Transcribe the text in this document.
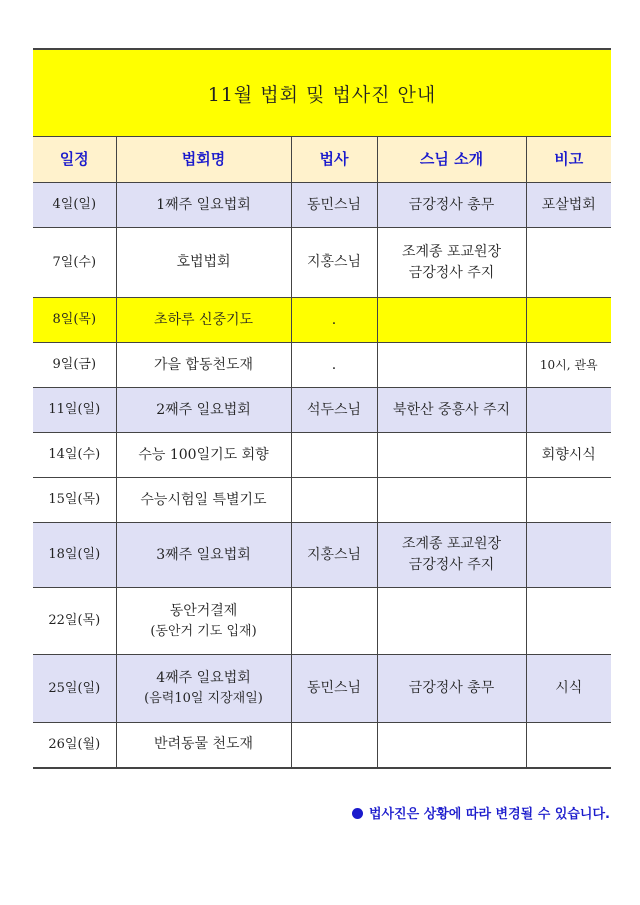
11월 법회 및 법사진 안내
일정	법회명	법사	스님 소개	비고

4일(일)	1째주 일요법회	동민스님	금강정사 총무	포살법회

7일(수)	호법법회	지홍스님	조계종 포교원장
금강정사 주지	

8일(목)	초하루 신중기도	.		

9일(금)	가을 합동천도재	.		10시, 관욕

11일(일)	2째주 일요법회	석두스님	북한산 중흥사 주지	

14일(수)	수능 100일기도 회향			회향시식

15일(목)	수능시험일 특별기도			

18일(일)	3째주 일요법회	지홍스님	조계종 포교원장
금강정사 주지	

22일(목)	동안거결제
(동안거 기도 입재)			

25일(일)	4째주 일요법회
(음력10일 지장재일)	동민스님	금강정사 총무	시식

26일(월)	반려동물 천도재			

법사진은 상황에 따라 변경될 수 있습니다.
